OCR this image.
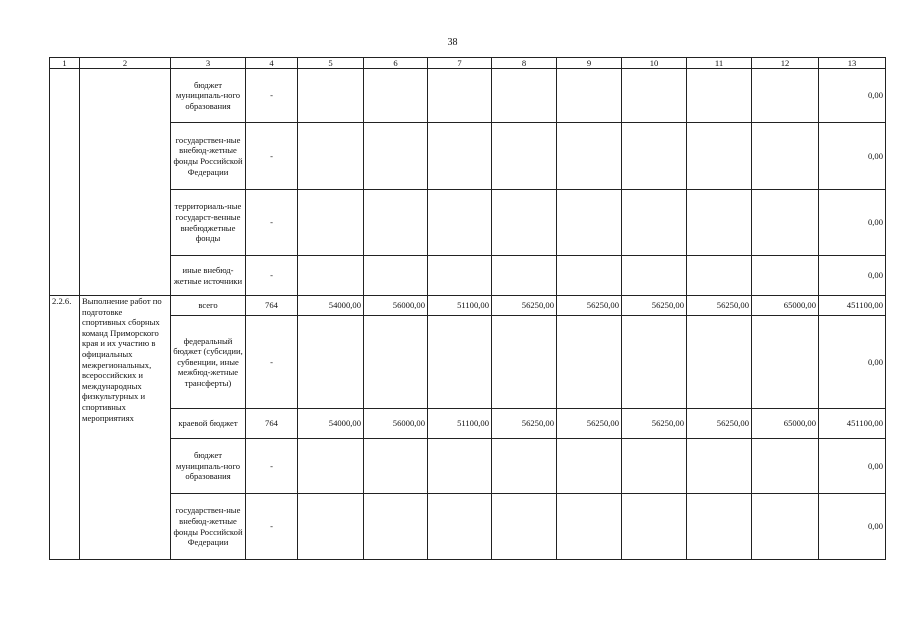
38
1	2	3	4	5	6	7	8	9	10	11	12	13
		бюджет муниципаль-ного образования	-									0,00
		государствен-ные внебюд-жетные фонды Российской Федерации	-									0,00
		территориаль-ные государст-венные внебюджетные фонды	-									0,00
		иные внебюд-жетные источники	-									0,00
2.2.6.	Выполнение работ по подготовке спортивных сборных команд Приморского края и их участию в официальных межрегиональных, всероссийских и международных физкультурных и спортивных мероприятиях	всего	764	54000,00	56000,00	51100,00	56250,00	56250,00	56250,00	56250,00	65000,00	451100,00
		федеральный бюджет (субсидии, субвенции, иные межбюд-жетные трансферты)	-									0,00
		краевой бюджет	764	54000,00	56000,00	51100,00	56250,00	56250,00	56250,00	56250,00	65000,00	451100,00
		бюджет муниципаль-ного образования	-									0,00
		государствен-ные внебюд-жетные фонды Российской Федерации	-									0,00
